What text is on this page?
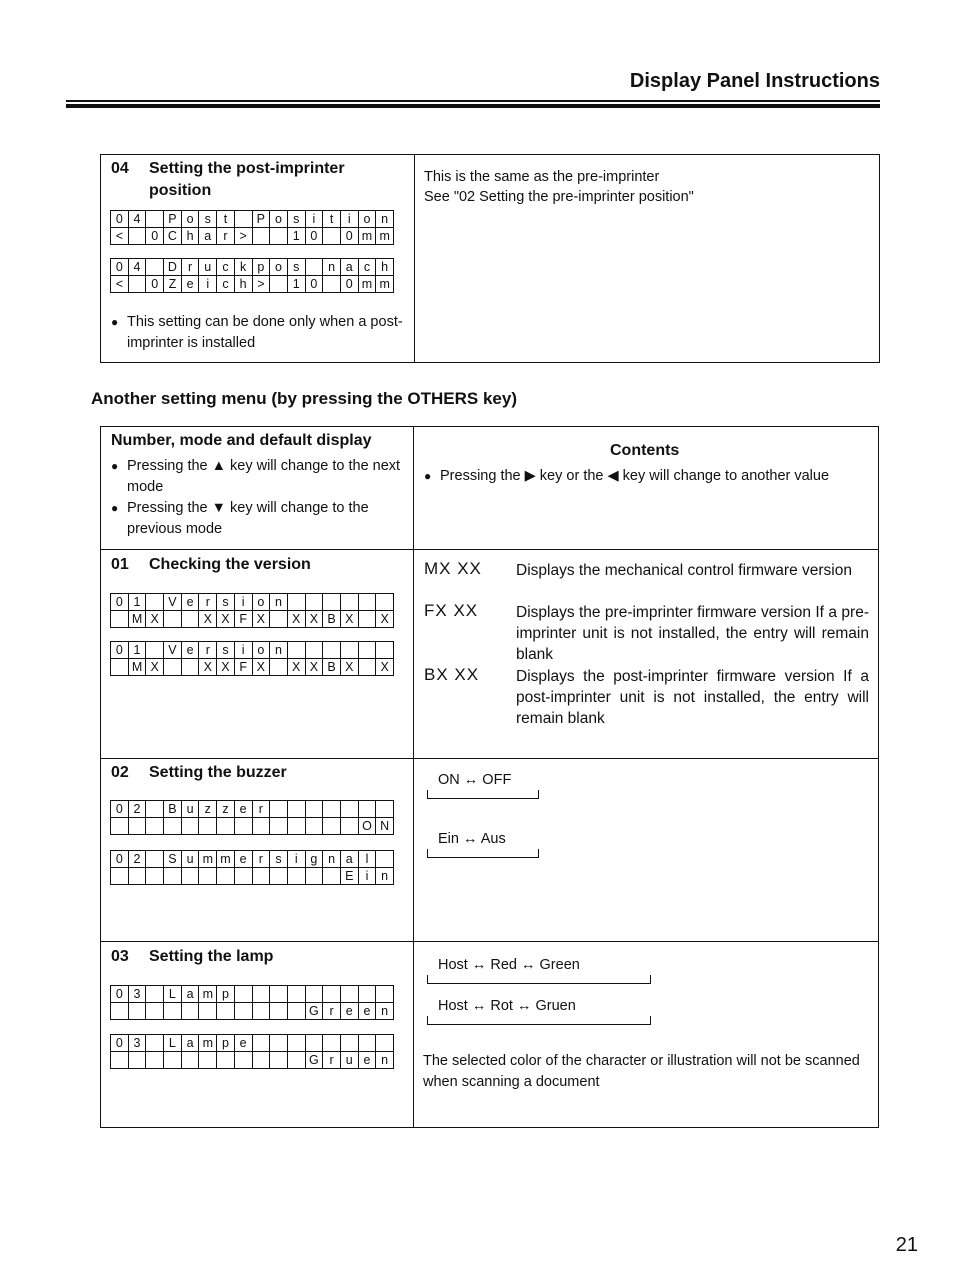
Display Panel Instructions
04 Setting the post-imprinter
position
0	4		P	o	s	t		P	o	s	i	t	i	o	n
<		0	C	h	a	r	>			1	0		0	m	m
0	4		D	r	u	c	k	p	o	s		n	a	c	h
<		0	Z	e	i	c	h	>		1	0		0	m	m
● This setting can be done only when a post-imprinter is installed
This is the same as the pre-imprinter
See "02 Setting the pre-imprinter position"
Another setting menu (by pressing the OTHERS key)
Number, mode and default display
● Pressing the ▲ key will change to the next mode
● Pressing the ▼ key will change to the previous mode
Contents
● Pressing the ▶ key or the ◀ key will change to another value
01 Checking the version
0	1		V	e	r	s	i	o	n						
	M	X			X	X	F	X		X	X	B	X		X
0	1		V	e	r	s	i	o	n						
	M	X			X	X	F	X		X	X	B	X		X
MX XX Displays the mechanical control firmware version
FX XX Displays the pre-imprinter firmware version If a pre-imprinter unit is not installed, the entry will remain blank
BX XX Displays the post-imprinter firmware version If a post-imprinter unit is not installed, the entry will remain blank
02 Setting the buzzer
0	2		B	u	z	z	e	r							
														O	N
0	2		S	u	m	m	e	r	s	i	g	n	a	l	
													E	i	n
ON ↔ OFF
Ein ↔ Aus
03 Setting the lamp
0	3		L	a	m	p									
											G	r	e	e	n
0	3		L	a	m	p	e								
											G	r	u	e	n
Host ↔ Red ↔ Green
Host ↔ Rot ↔ Gruen
The selected color of the character or illustration will not be scanned when scanning a document
21
